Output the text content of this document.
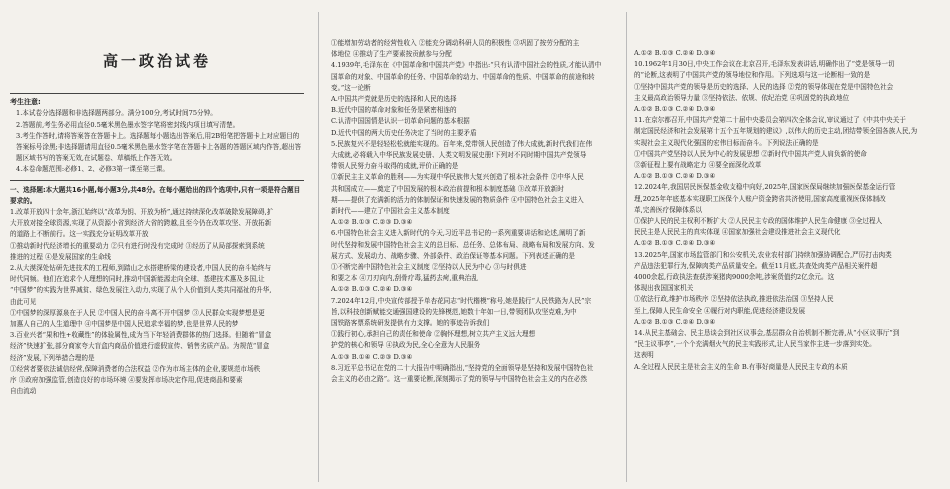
高一政治试卷
考生注意:

1.本试卷分选择题和非选择题两部分。满分100分,考试时间75分钟。

2.答题前,考生务必用直径0.5毫米黑色墨水签字笔将密封线内项目填写清楚。

3.考生作答时,请将答案答在答题卡上。选择题每小题选出答案后,用2B铅笔把答题卡上对应题目的答案标号涂黑;非选择题请用直径0.5毫米黑色墨水签字笔在答题卡上各题的答题区域内作答,超出答题区域书写的答案无效,在试题卷、草稿纸上作答无效。

4.本卷命题范围:必修1、2、必修3第一课至第三课。

一、选择题:本大题共16小题,每小题3分,共48分。在每小题给出的四个选项中,只有一项是符合题目要求的。
1.改革开放四十余年,浙江始终以“改革为钥、开放为桥”,通过持续深化改革破除发展障碍,扩
大开放对接全球资源,实现了从资源小省到经济大省的跨越,且至今仍在改革攻坚、开放拓新
的道路上不断前行。这一实践充分证明改革开放
①推动新时代经济增长的重要动力 ②只有进行时没有完成时 ③经历了从局部探索到系统
推进的过程 ④是发展国家的生命线
2.从大漠深处钻研先进技术的工程师,到踏山之水搭建桥梁的建设者,中国人民的奋斗始终与
时代同频。他们在追求个人理想的同时,推动中国新能源走向全球、基建技术惠及多国,让
“中国梦”的实践为世界减贫、绿色发展注入动力,实现了从个人价值到人类共同福祉的升华,
由此可见
①中国梦的深厚源泉在于人民 ②中国人民的奋斗离不开中国梦 ③人民群众实现梦想是更
加惠人自己的人生道理中 ④中国梦是中国人民追求幸福的梦,也是世界人民的梦
3.百业兴者“果和性+收藏性”的体验属性,成为当下年轻消费群体的热门选择。但随着“冒盒
经济”快速扩张,部分商家夸大盲盒内商品价值进行虚假宣传、销售劣质产品。为规范“冒盒
经济”发展,下列举措合理的是
①经营者要依法诚信经营,保障消费者的合法权益 ②作为市场主体的企业,要规范市场秩
序 ③政府加强监管,创造良好的市场环境 ④要发挥市场决定作用,促进商品和要素
自由流动
①能增加劳动者的经营性收入 ②能充分调动科研人员的积极性 ③巩固了按劳分配的主
体地位 ④推动了生产要素按贡献参与分配
4.1939年,毛泽东在《中国革命和中国共产党》中指出:“只有认清中国社会的性质,才能认清中
国革命的对象、中国革命的任务、中国革命的动力、中国革命的性质、中国革命的前途和转
变。”这一论断
A.中国共产党就是历史的选择和人民的选择
B.近代中国的革命对象和任务是紧密相连的
C.认清中国国情是认识一切革命问题的基本根据
D.近代中国的两大历史任务决定了当时的主要矛盾
5.民族复兴不是轻轻松松就能实现的。百年来,党带领人民创造了伟大成就,新时代我们在伟
大成就,必将载入中华民族发展史册、人类文明发展史册!下列对不同时期中国共产党领导
带领人民努力奋斗取得的成就,评价正确的是
①新民主主义革命的胜利——为实现中华民族伟大复兴创造了根本社会条件 ②中华人民
共和国成立——奠定了中国发展的根本政治前提和根本制度基础 ③改革开放新时
期——提供了充满新的活力的体制保证和快速发展的物质条件 ④中国特色社会主义进入
新时代——建立了中国社会主义基本制度
A.①② B.①③ C.②③ D.③④
6.中国特色社会主义进入新时代的今天,习近平总书记的一系列重要讲话和论述,阐明了新
时代坚持和发展中国特色社会主义的总目标、总任务、总体布局、战略布局和发展方向、发
展方式、发展动力、战略步骤、外部条件、政治保证等基本问题。下列表述正确的是
①不断完善中国特色社会主义制度 ②坚持以人民为中心 ③与时俱进
和要之本 ④刀刃向内,刮骨疗毒,猛药去疴,重典治乱
A.①② B.①③ C.②④ D.③④
7.2024年12月,中央宣传部授予单杏花同志“时代楷模”称号,她是践行“人民铁路为人民”宗
旨,以科技创新赋能交通强国建设的先锋模范,她数十年如一日,带领团队攻坚克难,为中
国铁路客票系统研发提供有力支撑。她的事迹告诉我们
①践行初心,承担自己的责任和使命 ②胸怀理想,树立共产主义远大理想
护党的核心和领导 ④执政为民,全心全意为人民服务
A.①③ B.①④ C.②③ D.③④
8.习近平总书记在党的二十大报告中明确指出,“坚持党的全面领导是坚持和发展中国特色社
会主义的必由之路”。这一重要论断,深刻揭示了党的领导与中国特色社会主义的内在必然
A.①② B.①③ C.②④ D.③④
10.1962年1月30日,中央工作会议在北京召开,毛泽东发表讲话,明确作出了“党是领导一切
的”论断,这表明了中国共产党的领导地位和作用。下列选项与这一论断相一致的是
①坚持中国共产党的领导是历史的选择、人民的选择 ②党的领导体现在党是中国特色社会
主义最高政治领导力量 ③坚持依法、依规、依纪治党 ④巩固党的执政地位
A.①② B.①③ C.②④ D.③④
11.在京尔都召开,中国共产党第二十届中央委员会第四次全体会议,审议通过了《中共中央关于
制定国民经济和社会发展第十五个五年规划的建议》,以伟大的历史主动,团结带领全国各族人民,为
实现社会主义现代化强国的宏伟目标而奋斗。下列说法正确的是
①中国共产党坚持以人民为中心的发展思想 ②新时代中国共产党人肩负新的使命
③新征程上要有战略定力 ④要全面深化改革
A.①② B.①③ C.②④ D.③④
12.2024年,我国居民医保基金收支稳中向好,2025年,国家医保局继续加强医保基金运行管
理,2025年年底基本实现职工医保个人账户资金跨省共济使用,国家高度重视医保体制改
革,完善医疗保障体系以
①保护人民的民主权利不断扩大 ②人民民主专政的国体维护人民生命健康 ③全过程人
民民主是人民民主的真实体现 ④国家加强社会建设推进社会主义现代化
A.①② B.①③ C.②④ D.③④
13.2025年,国家市场监管部门和公安机关,农业农村部门持续加强协调配合,严厉打击肉类
产品违法犯罪行为,保障肉类产品质量安全。截至11月底,共查处肉类产品相关案件超
4000余起,行政执法查获涉案猪肉9000余吨,涉案货值约2亿余元。这
体现出我国国家机关
①依法行政,维护市场秩序 ②坚持依法执政,推进依法治国 ③坚持人民
至上,保障人民生命安全 ④履行对内职能,促进经济建设发展
A.①② B.①③ C.②④ D.③④
14.从民主基础会、民主恳谈会到社区议事会,基层群众自治机制不断完善,从“小区议事厅”到
“民主议事亭”,一个个充满烟火气的民主实践形式,让人民当家作主进一步落到实处。
这表明
A.全过程人民民主是社会主义的生命 B.有事好商量是人民民主专政的本质
